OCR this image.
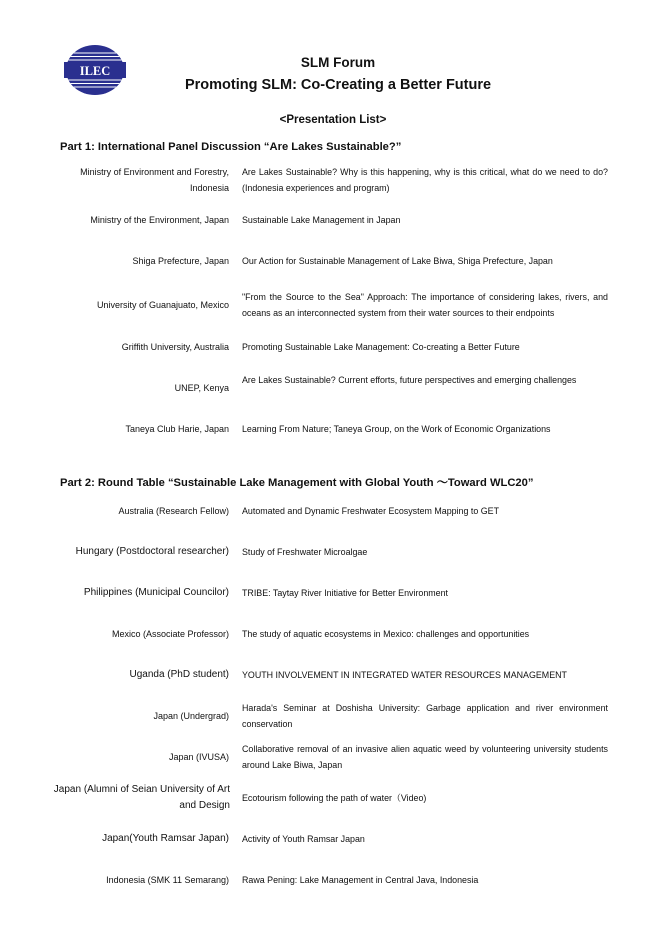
ILEC
SLM Forum
Promoting SLM: Co-Creating a Better Future
<Presentation List>
Part 1: International Panel Discussion “Are Lakes Sustainable?”
Ministry of Environment and Forestry, Indonesia
Are Lakes Sustainable? Why is this happening, why is this critical, what do we need to do? (Indonesia experiences and program)
Ministry of the Environment, Japan Sustainable Lake Management in Japan
Shiga Prefecture, Japan Our Action for Sustainable Management of Lake Biwa, Shiga Prefecture, Japan
University of Guanajuato, Mexico
"From the Source to the Sea" Approach: The importance of considering lakes, rivers, and oceans as an interconnected system from their water sources to their endpoints
Griffith University, Australia Promoting Sustainable Lake Management: Co-creating a Better Future
UNEP, Kenya
Are Lakes Sustainable? Current efforts, future perspectives and emerging challenges
Taneya Club Harie, Japan Learning From Nature; Taneya Group, on the Work of Economic Organizations
Part 2: Round Table “Sustainable Lake Management with Global Youth ～Toward WLC20”
Australia (Research Fellow) Automated and Dynamic Freshwater Ecosystem Mapping to GET
Hungary (Postdoctoral researcher) Study of Freshwater Microalgae
Philippines (Municipal Councilor) TRIBE: Taytay River Initiative for Better Environment
Mexico (Associate Professor) The study of aquatic ecosystems in Mexico: challenges and opportunities
Uganda (PhD student) YOUTH INVOLVEMENT IN INTEGRATED WATER RESOURCES MANAGEMENT
Japan (Undergrad)
Harada's Seminar at Doshisha University: Garbage application and river environment conservation
Japan (IVUSA)
Collaborative removal of an invasive alien aquatic weed by volunteering university students around Lake Biwa, Japan
Japan (Alumni of Seian University of Art and Design
Ecotourism following the path of water（Video)
Japan(Youth Ramsar Japan) Activity of Youth Ramsar Japan
Indonesia (SMK 11 Semarang) Rawa Pening: Lake Management in Central Java, Indonesia
